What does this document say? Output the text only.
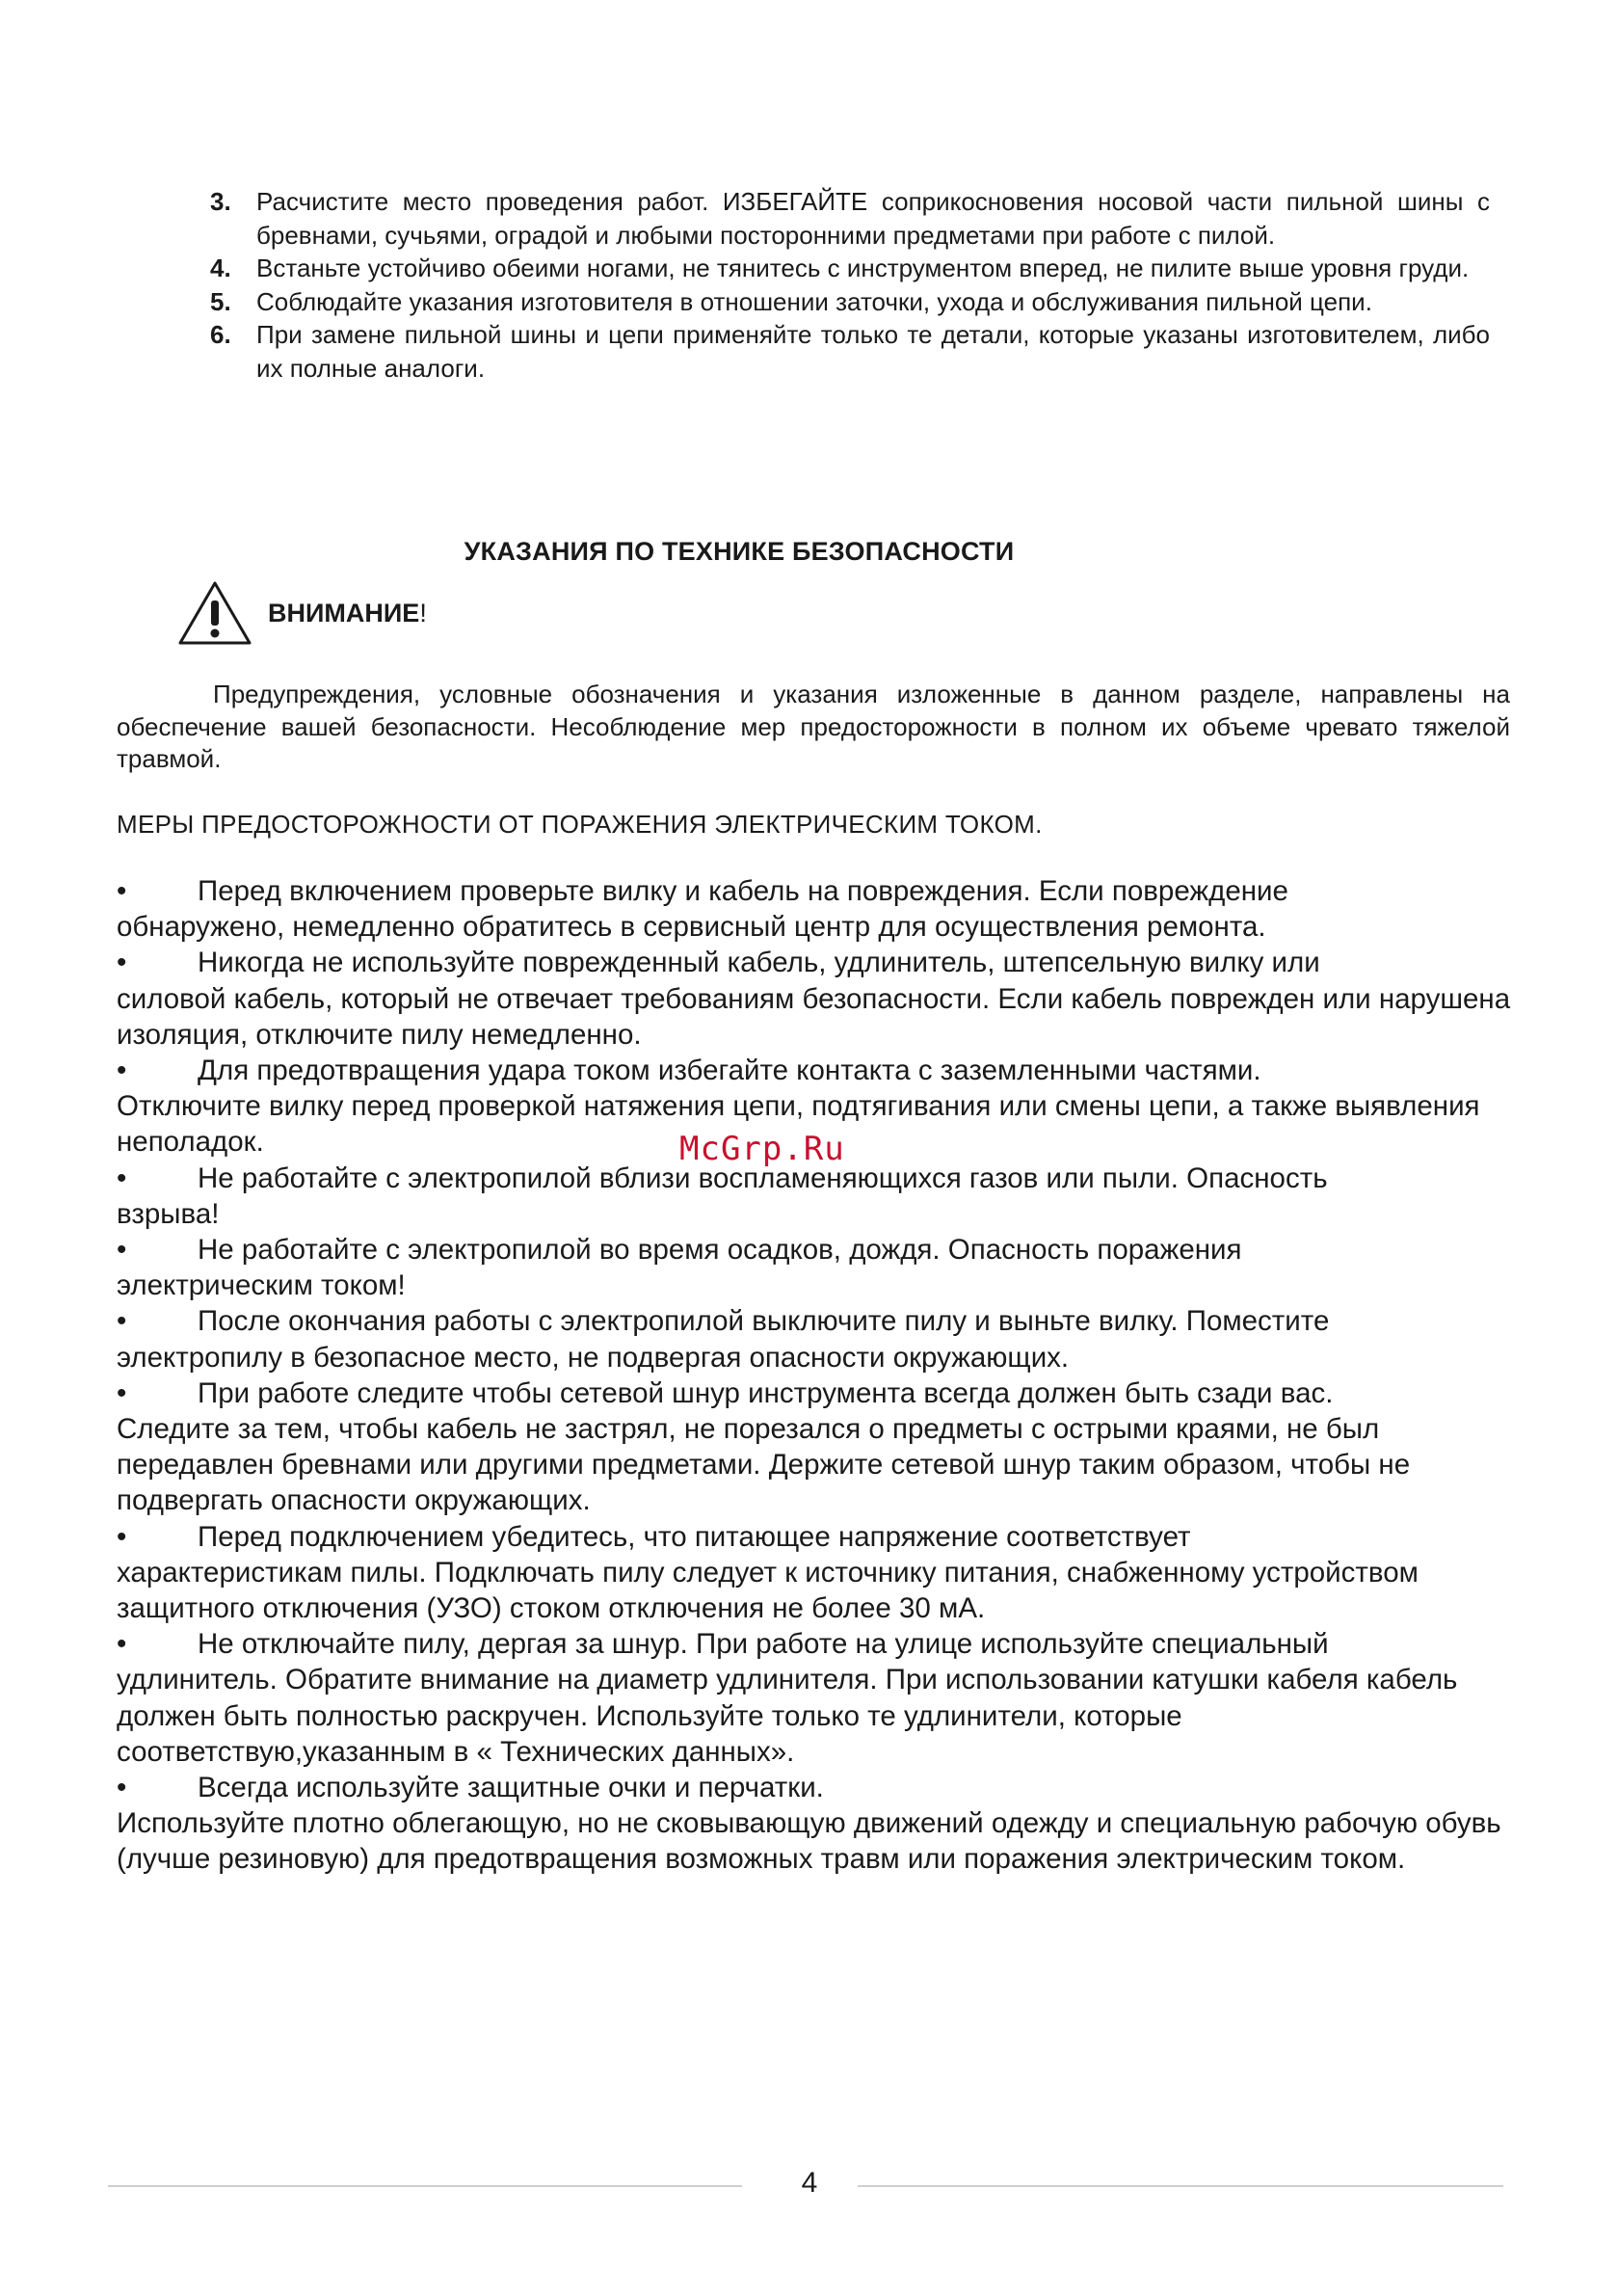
3. Расчистите место проведения работ. ИЗБЕГАЙТЕ соприкосновения носовой части пильной шины с бревнами, сучьями, оградой и любыми посторонними предметами при работе с пилой.
4. Встаньте устойчиво обеими ногами, не тянитесь с инструментом вперед, не пилите выше уровня груди.
5. Соблюдайте указания изготовителя в отношении заточки, ухода и обслуживания пильной цепи.
6. При замене пильной шины и цепи применяйте только те детали, которые указаны изготовителем, либо их полные аналоги.
УКАЗАНИЯ ПО ТЕХНИКЕ БЕЗОПАСНОСТИ
ВНИМАНИЕ!
Предупреждения, условные обозначения и указания изложенные в данном разделе, направлены на обеспечение вашей безопасности. Несоблюдение мер предосторожности в полном их объеме чревато тяжелой травмой.
МЕРЫ ПРЕДОСТОРОЖНОСТИ ОТ ПОРАЖЕНИЯ ЭЛЕКТРИЧЕСКИМ ТОКОМ.

• Перед включением проверьте вилку и кабель на повреждения. Если повреждение

обнаружено, немедленно обратитесь в сервисный центр для осуществления ремонта.

• Никогда не используйте поврежденный кабель, удлинитель, штепсельную вилку или

силовой кабель, который не отвечает требованиям безопасности. Если кабель поврежден или нарушена изоляция, отключите пилу немедленно.

• Для предотвращения удара током избегайте контакта с заземленными частями.

Отключите вилку перед проверкой натяжения цепи, подтягивания или смены цепи, а также выявления неполадок.

• Не работайте с электропилой вблизи воспламеняющихся газов или пыли. Опасность

взрыва!

• Не работайте с электропилой во время осадков, дождя. Опасность поражения

электрическим током!

• После окончания работы с электропилой выключите пилу и выньте вилку. Поместите

электропилу в безопасное место, не подвергая опасности окружающих.

• При работе следите чтобы сетевой шнур инструмента всегда должен быть сзади вас.

Следите за тем, чтобы кабель не застрял, не порезался о предметы с острыми краями, не был передавлен бревнами или другими предметами. Держите сетевой шнур таким образом, чтобы не подвергать опасности окружающих.

• Перед подключением убедитесь, что питающее напряжение соответствует

характеристикам пилы. Подключать пилу следует к источнику питания, снабженному устройством защитного отключения (УЗО) стоком отключения не более 30 мА.

• Не отключайте пилу, дергая за шнур. При работе на улице используйте специальный

удлинитель. Обратите внимание на диаметр удлинителя. При использовании катушки кабеля кабель должен быть полностью раскручен. Используйте только те удлинители, которые соответствую,указанным в « Технических данных».

• Всегда используйте защитные очки и перчатки.

Используйте плотно облегающую, но не сковывающую движений одежду и специальную рабочую обувь (лучше резиновую) для предотвращения возможных травм или поражения электрическим током.

McGrp.Ru
4
